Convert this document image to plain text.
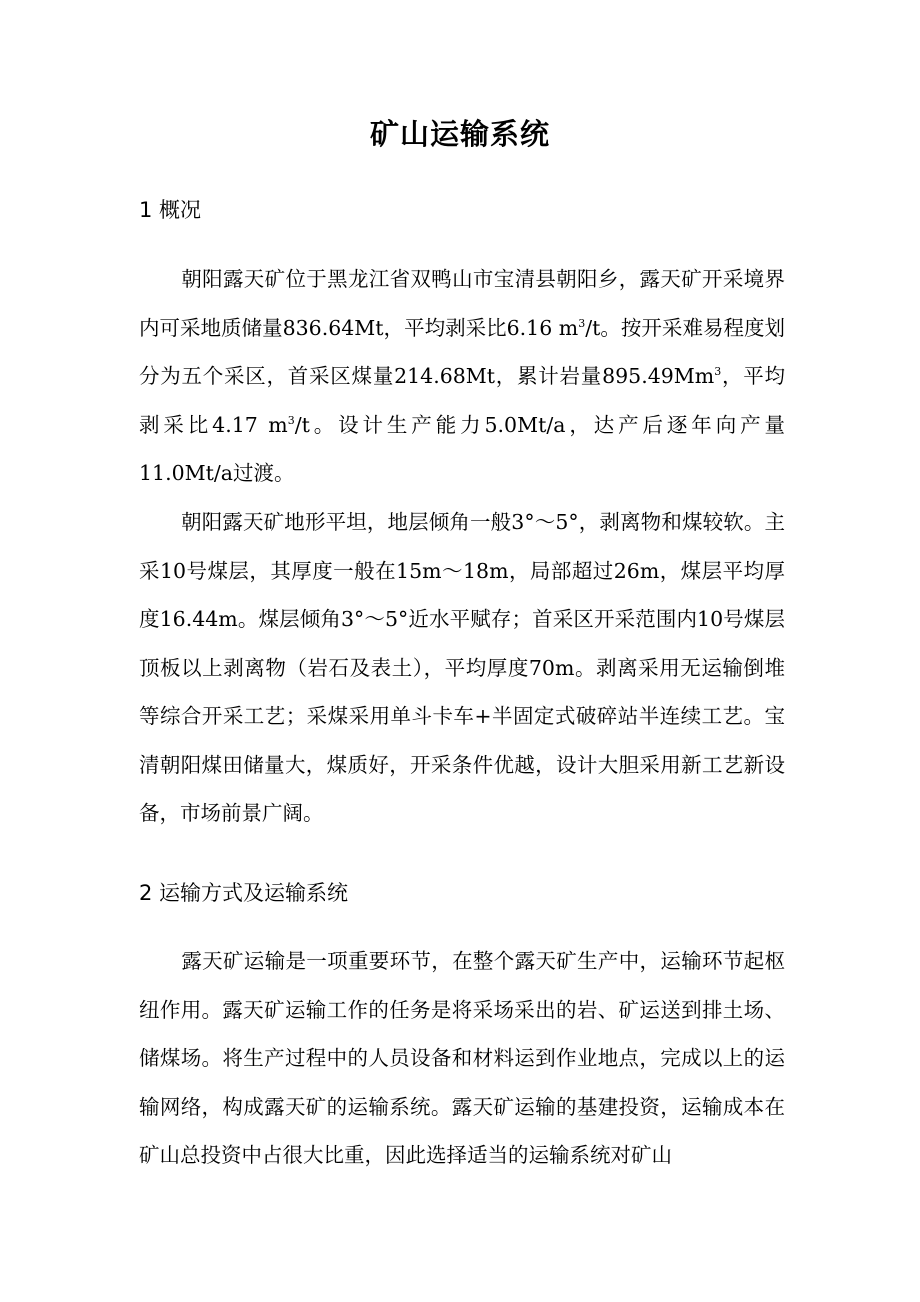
矿山运输系统
1 概况

朝阳露天矿位于黑龙江省双鸭山市宝清县朝阳乡，露天矿开采境界内可采地质储量836.64Mt，平均剥采比6.16 $m^3/t$。按开采难易程度划分为五个采区，首采区煤量214.68Mt，累计岩量895.49Mm$^3$，平均剥采比4.17 $m^3/t$。设计生产能力5.0Mt/a，达产后逐年向产量11.0Mt/a过渡。

朝阳露天矿地形平坦，地层倾角一般3°～5°，剥离物和煤较软。主采10号煤层，其厚度一般在15m～18m，局部超过26m，煤层平均厚度16.44m。煤层倾角3°～5°近水平赋存；首采区开采范围内10号煤层顶板以上剥离物（岩石及表土），平均厚度70m。剥离采用无运输倒堆等综合开采工艺；采煤采用单斗卡车+半固定式破碎站半连续工艺。宝清朝阳煤田储量大，煤质好，开采条件优越，设计大胆采用新工艺新设备，市场前景广阔。

2 运输方式及运输系统

露天矿运输是一项重要环节，在整个露天矿生产中，运输环节起枢纽作用。露天矿运输工作的任务是将采场采出的岩、矿运送到排土场、储煤场。将生产过程中的人员设备和材料运到作业地点，完成以上的运输网络，构成露天矿的运输系统。露天矿运输的基建投资，运输成本在矿山总投资中占很大比重，因此选择适当的运输系统对矿山
